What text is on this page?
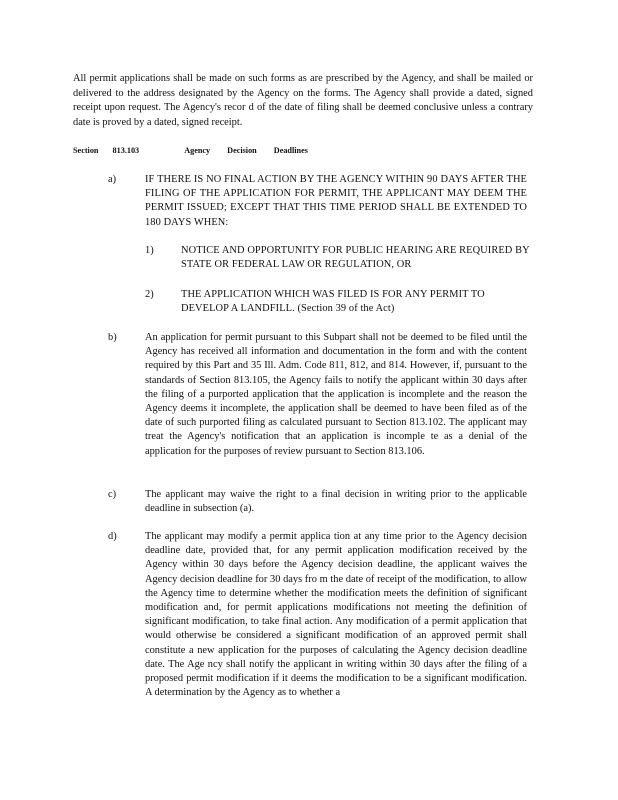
All permit applications shall be made on such forms as are prescribed by the Agency, and shall be mailed or delivered to the address designated by the Agency on the forms. The Agency shall provide a dated, signed receipt upon request. The Agency's recor d of the date of filing shall be deemed conclusive unless a contrary date is proved by a dated, signed receipt.

Section 813.103	Agency Decision Deadlines
a)	IF THERE IS NO FINAL ACTION BY THE AGENCY WITHIN 90 DAYS AFTER THE FILING OF THE APPLICATION FOR PERMIT, THE APPLICANT MAY DEEM THE PERMIT ISSUED; EXCEPT THAT THIS TIME PERIOD SHALL BE EXTENDED TO 180 DAYS WHEN:
1)	NOTICE AND OPPORTUNITY FOR PUBLIC HEARING ARE REQUIRED BY STATE OR FEDERAL LAW OR REGULATION, OR
2)	THE APPLICATION WHICH WAS FILED IS FOR ANY PERMIT TO DEVELOP A LANDFILL. (Section 39 of the Act)
b)	An application for permit pursuant to this Subpart shall not be deemed to be filed until the Agency has received all information and documentation in the form and with the content required by this Part and 35 Ill. Adm. Code 811, 812, and 814. However, if, pursuant to the standards of Section 813.105, the Agency fails to notify the applicant within 30 days after the filing of a purported application that the application is incomplete and the reason the Agency deems it incomplete, the application shall be deemed to have been filed as of the date of such purported filing as calculated pursuant to Section 813.102. The applicant may treat the Agency's notification that an application is incomple te as a denial of the application for the purposes of review pursuant to Section 813.106.
c)	The applicant may waive the right to a final decision in writing prior to the applicable deadline in subsection (a).
d)	The applicant may modify a permit applica tion at any time prior to the Agency decision deadline date, provided that, for any permit application modification received by the Agency within 30 days before the Agency decision deadline, the applicant waives the Agency decision deadline for 30 days fro m the date of receipt of the modification, to allow the Agency time to determine whether the modification meets the definition of significant modification and, for permit applications modifications not meeting the definition of significant modification, to take final action. Any modification of a permit application that would otherwise be considered a significant modification of an approved permit shall constitute a new application for the purposes of calculating the Agency decision deadline date. The Age ncy shall notify the applicant in writing within 30 days after the filing of a proposed permit modification if it deems the modification to be a significant modification. A determination by the Agency as to whether a
